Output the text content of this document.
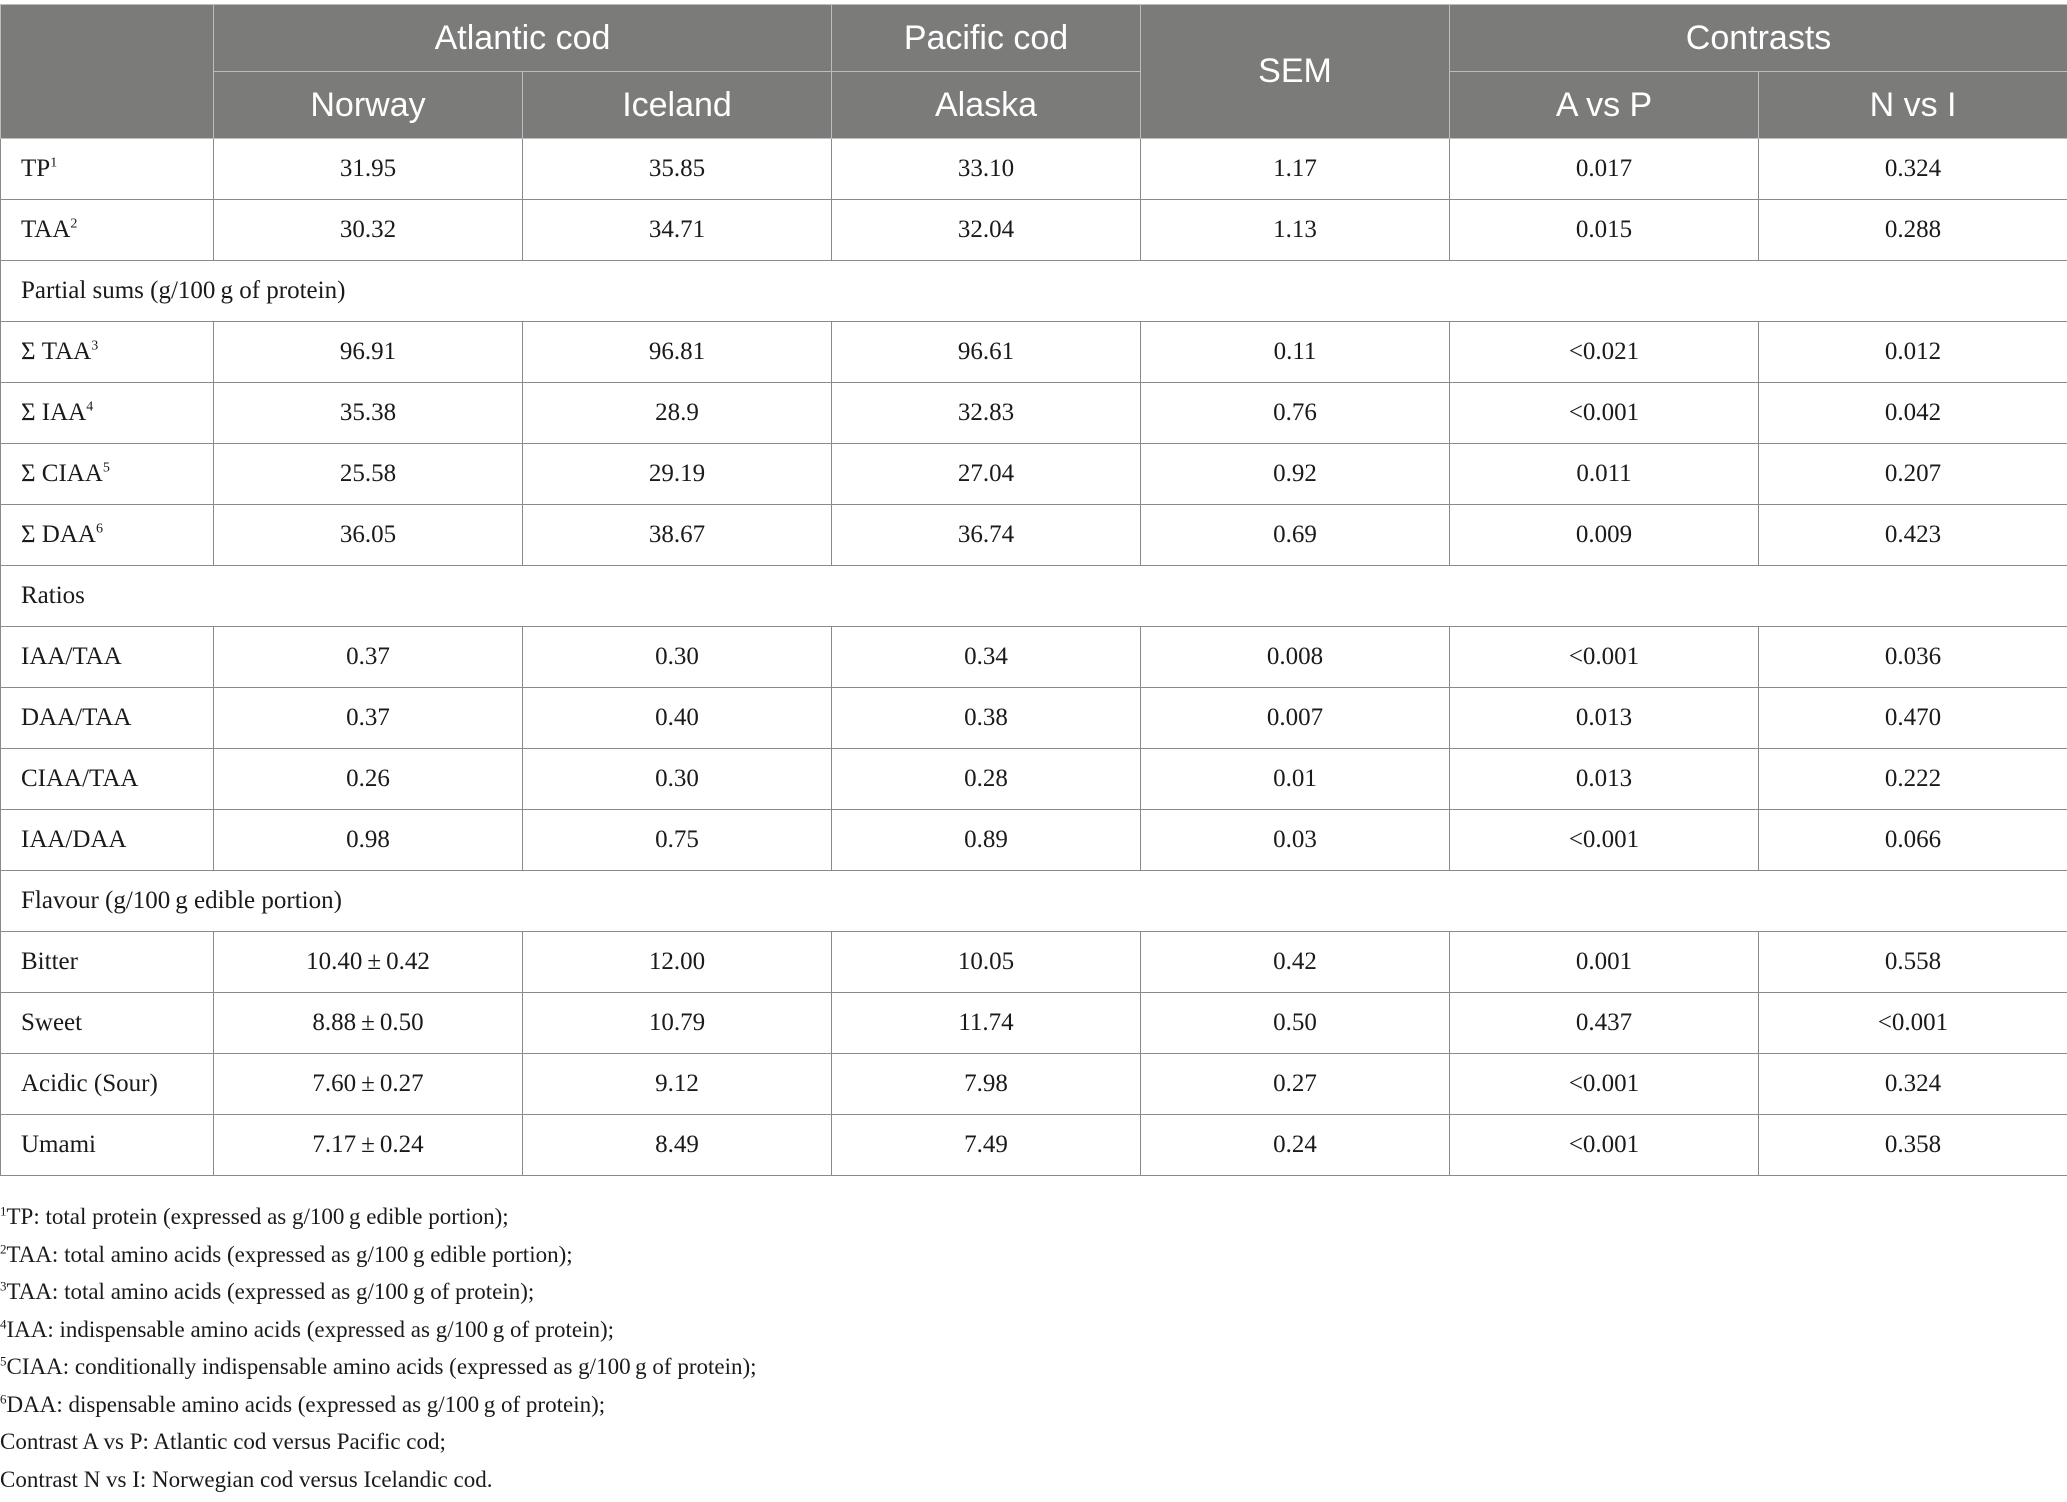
	Atlantic cod		Pacific cod	SEM	Contrasts	
	Norway	Iceland	Alaska		A vs P	N vs I
$TP^1$	31.95	35.85	33.10	1.17	0.017	0.324
TAA$^2$	30.32	34.71	32.04	1.13	0.015	0.288
Partial sums (g/100 g of protein)						
Σ TAA$^3$	96.91	96.81	96.61	0.11	<0.021	0.012
Σ IAA$^4$	35.38	28.9	32.83	0.76	<0.001	0.042
Σ CIAA$^5$	25.58	29.19	27.04	0.92	0.011	0.207
Σ DAA$^6$	36.05	38.67	36.74	0.69	0.009	0.423
Ratios						
IAA/TAA	0.37	0.30	0.34	0.008	<0.001	0.036
DAA/TAA	0.37	0.40	0.38	0.007	0.013	0.470
CIAA/TAA	0.26	0.30	0.28	0.01	0.013	0.222
IAA/DAA	0.98	0.75	0.89	0.03	<0.001	0.066
Flavour (g/100 g edible portion)						
Bitter	10.40 ± 0.42	12.00	10.05	0.42	0.001	0.558
Sweet	8.88 ± 0.50	10.79	11.74	0.50	0.437	<0.001
Acidic (Sour)	7.60 ± 0.27	9.12	7.98	0.27	<0.001	0.324
Umami	7.17 ± 0.24	8.49	7.49	0.24	<0.001	0.358
$^1$TP: total protein (expressed as g/100 g edible portion);
$^2$TAA: total amino acids (expressed as g/100 g edible portion);
$^3$TAA: total amino acids (expressed as g/100 g of protein);
$^4$IAA: indispensable amino acids (expressed as g/100 g of protein);
$^5$CIAA: conditionally indispensable amino acids (expressed as g/100 g of protein);
$^6$DAA: dispensable amino acids (expressed as g/100 g of protein);
Contrast A vs P: Atlantic cod versus Pacific cod;
Contrast N vs I: Norwegian cod versus Icelandic cod.
